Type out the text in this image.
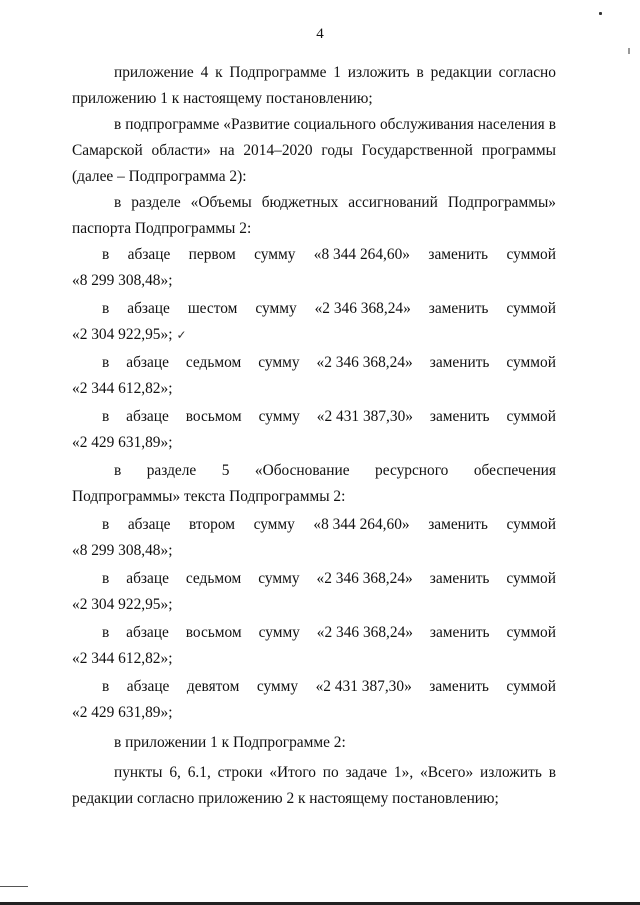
4
приложение 4 к Подпрограмме 1 изложить в редакции согласно приложению 1 к настоящему постановлению;
в подпрограмме «Развитие социального обслуживания населения в Самарской области» на 2014–2020 годы Государственной программы (далее – Подпрограмма 2):
в разделе «Объемы бюджетных ассигнований Подпрограммы» паспорта Подпрограммы 2:
в абзаце первом сумму «8 344 264,60» заменить суммой
«8 299 308,48»;
в абзаце шестом сумму «2 346 368,24» заменить суммой
«2 304 922,95»; ✓
в абзаце седьмом сумму «2 346 368,24» заменить суммой
«2 344 612,82»;
в абзаце восьмом сумму «2 431 387,30» заменить суммой
«2 429 631,89»;
в разделе 5 «Обоснование ресурсного обеспечения Подпрограммы» текста Подпрограммы 2:
в абзаце втором сумму «8 344 264,60» заменить суммой
«8 299 308,48»;
в абзаце седьмом сумму «2 346 368,24» заменить суммой
«2 304 922,95»;
в абзаце восьмом сумму «2 346 368,24» заменить суммой
«2 344 612,82»;
в абзаце девятом сумму «2 431 387,30» заменить суммой
«2 429 631,89»;
в приложении 1 к Подпрограмме 2:
пункты 6, 6.1, строки «Итого по задаче 1», «Всего» изложить в редакции согласно приложению 2 к настоящему постановлению;
